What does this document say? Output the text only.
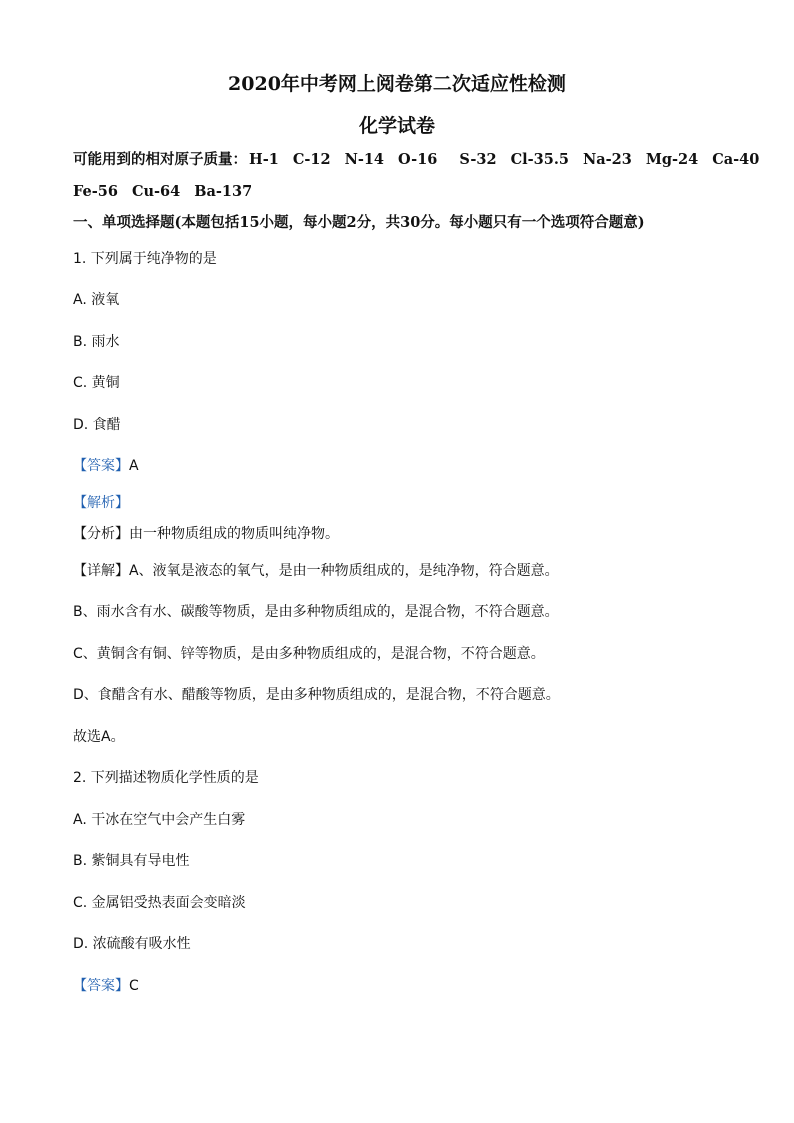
2020年中考网上阅卷第二次适应性检测
化学试卷
可能用到的相对原子质量： H-1 C-12 N-14 O-16 S-32 Cl-35.5 Na-23 Mg-24 Ca-40
Fe-56 Cu-64 Ba-137
一、单项选择题(本题包括15小题，每小题2分，共30分。每小题只有一个选项符合题意)
1. 下列属于纯净物的是
A. 液氧
B. 雨水
C. 黄铜
D. 食醋
【答案】A
【解析】
【分析】由一种物质组成的物质叫纯净物。
【详解】A、液氧是液态的氧气，是由一种物质组成的，是纯净物，符合题意。
B、雨水含有水、碳酸等物质，是由多种物质组成的，是混合物，不符合题意。
C、黄铜含有铜、锌等物质，是由多种物质组成的，是混合物，不符合题意。
D、食醋含有水、醋酸等物质，是由多种物质组成的，是混合物，不符合题意。
故选A。
2. 下列描述物质化学性质的是
A. 干冰在空气中会产生白雾
B. 紫铜具有导电性
C. 金属铝受热表面会变暗淡
D. 浓硫酸有吸水性
【答案】C
